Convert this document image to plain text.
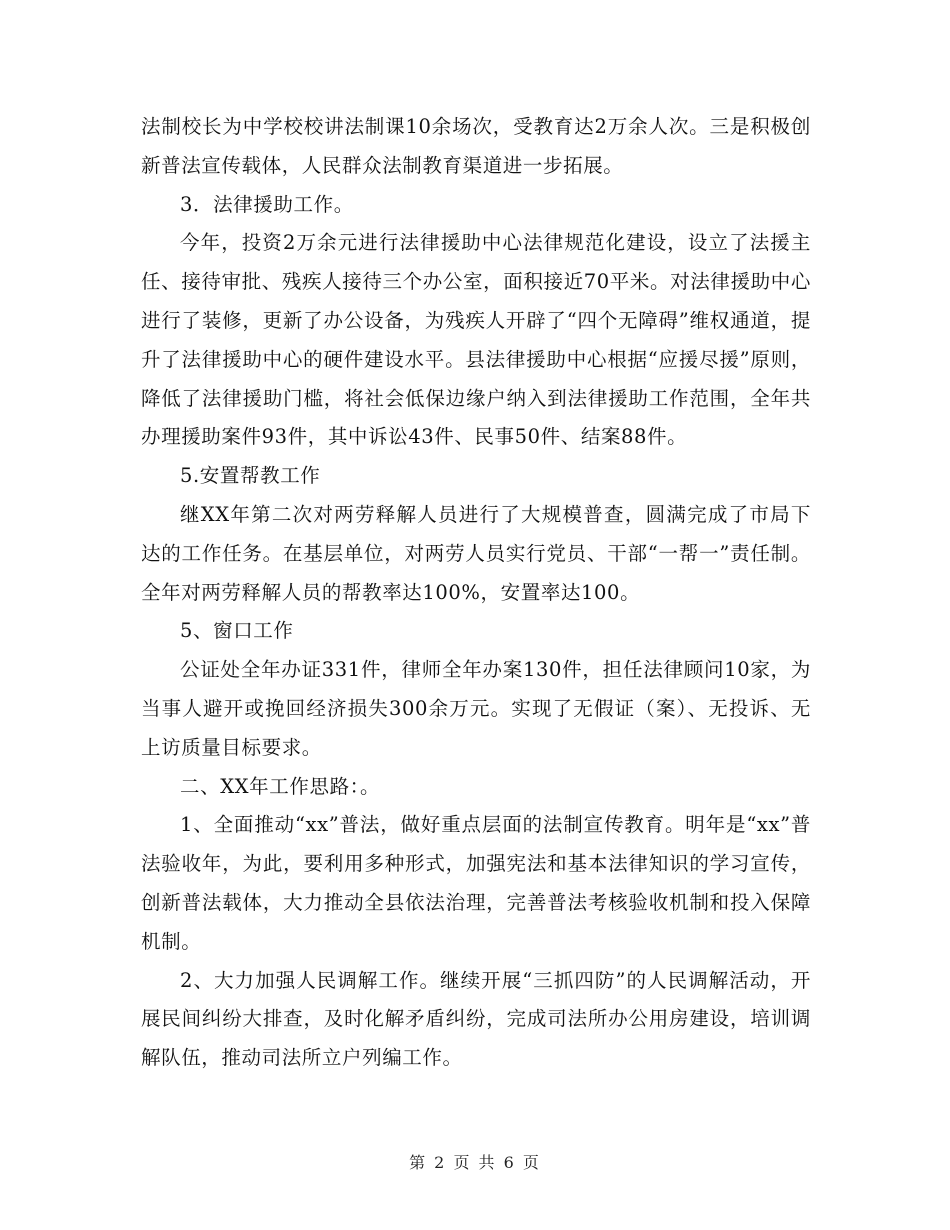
法制校长为中学校校讲法制课10余场次，受教育达2万余人次。三是积极创新普法宣传载体，人民群众法制教育渠道进一步拓展。

3．法律援助工作。

今年，投资2万余元进行法律援助中心法律规范化建设，设立了法援主任、接待审批、残疾人接待三个办公室，面积接近70平米。对法律援助中心进行了装修，更新了办公设备，为残疾人开辟了“四个无障碍”维权通道，提升了法律援助中心的硬件建设水平。县法律援助中心根据“应援尽援”原则，降低了法律援助门槛，将社会低保边缘户纳入到法律援助工作范围，全年共办理援助案件93件，其中诉讼43件、民事50件、结案88件。

5.安置帮教工作

继XX年第二次对两劳释解人员进行了大规模普查，圆满完成了市局下达的工作任务。在基层单位，对两劳人员实行党员、干部“一帮一”责任制。全年对两劳释解人员的帮教率达100%，安置率达100。

5、窗口工作

公证处全年办证331件，律师全年办案130件，担任法律顾问10家，为当事人避开或挽回经济损失300余万元。实现了无假证（案）、无投诉、无上访质量目标要求。

二、XX年工作思路：。

1、全面推动“xx”普法，做好重点层面的法制宣传教育。明年是“xx”普法验收年，为此，要利用多种形式，加强宪法和基本法律知识的学习宣传，创新普法载体，大力推动全县依法治理，完善普法考核验收机制和投入保障机制。

2、大力加强人民调解工作。继续开展“三抓四防”的人民调解活动，开展民间纠纷大排查，及时化解矛盾纠纷，完成司法所办公用房建设，培训调解队伍，推动司法所立户列编工作。

第 2 页 共 6 页
